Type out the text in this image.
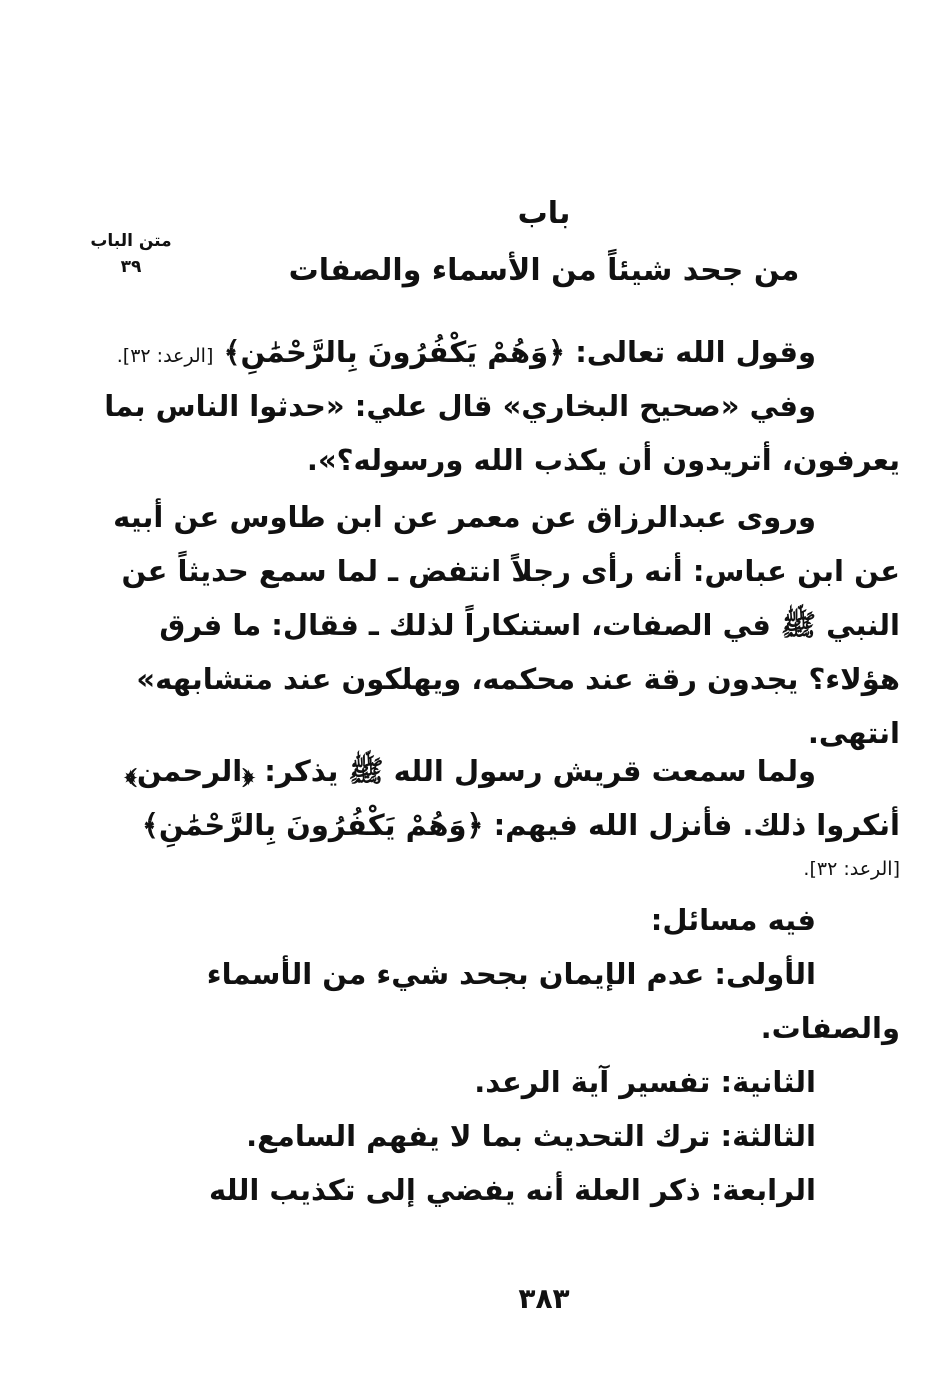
متن الباب
٣٩
باب
من جحد شيئاً من الأسماء والصفات
وقول الله تعالى: ﴿وَهُمْ يَكْفُرُونَ بِالرَّحْمَٰنِ﴾ [الرعد: ٣٢].
وفي «صحيح البخاري» قال علي: «حدثوا الناس بما
يعرفون، أتريدون أن يكذب الله ورسوله؟».
وروى عبدالرزاق عن معمر عن ابن طاوس عن أبيه
عن ابن عباس: أنه رأى رجلاً انتفض ـ لما سمع حديثاً عن
النبي ﷺ في الصفات، استنكاراً لذلك ـ فقال: ما فرق
هؤلاء؟ يجدون رقة عند محكمه، ويهلكون عند متشابهه»
انتهى.
ولما سمعت قريش رسول الله ﷺ يذكر: ﴿الرحمن﴾
أنكروا ذلك. فأنزل الله فيهم: ﴿وَهُمْ يَكْفُرُونَ بِالرَّحْمَٰنِ﴾
[الرعد: ٣٢].
فيه مسائل:
الأولى: عدم الإيمان بجحد شيء من الأسماء
والصفات.
الثانية: تفسير آية الرعد.
الثالثة: ترك التحديث بما لا يفهم السامع.
الرابعة: ذكر العلة أنه يفضي إلى تكذيب الله
٣٨٣
